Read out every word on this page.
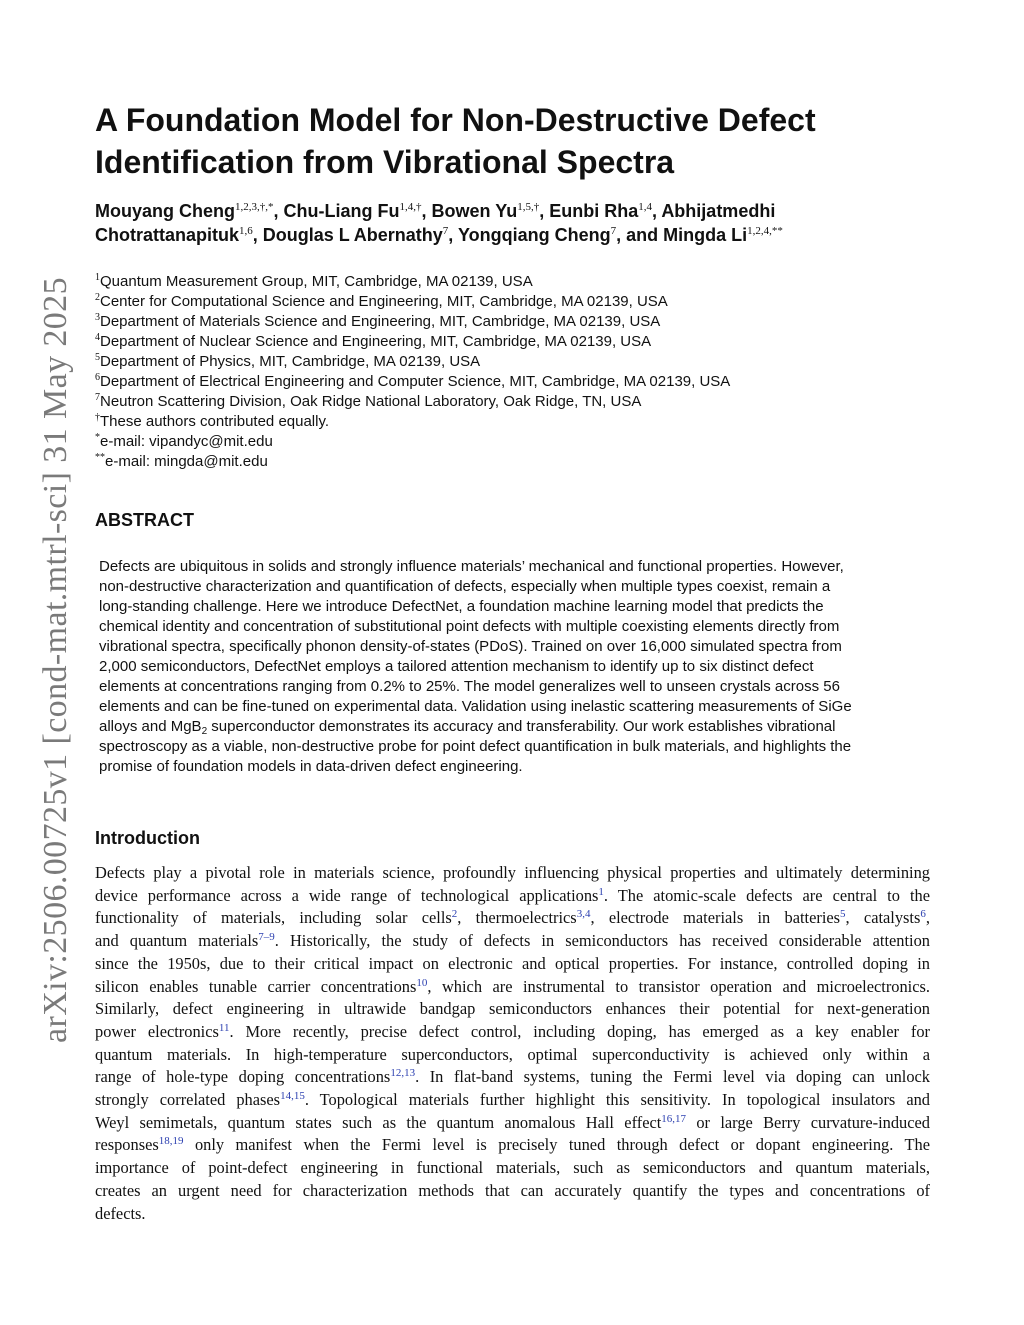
arXiv:2506.00725v1 [cond-mat.mtrl-sci] 31 May 2025
A Foundation Model for Non-Destructive Defect
Identification from Vibrational Spectra
Mouyang Cheng$^{1,2,3,\dagger,*}$, Chu-Liang $Fu^{1,4,\dagger}$, Bowen $Yu^{1,5,\dagger}$, Eunbi Rha$^{1,4}$, Abhijatmedhi
Chotrattanapituk$^{1,6}$, Douglas L Abernathy$^7$, Yongqiang Cheng$^7$, and Mingda $Li^{1,2,4,**}$
$^1$Quantum Measurement Group, MIT, Cambridge, MA 02139, USA
$^2$Center for Computational Science and Engineering, MIT, Cambridge, MA 02139, USA
$^3$Department of Materials Science and Engineering, MIT, Cambridge, MA 02139, USA
$^4$Department of Nuclear Science and Engineering, MIT, Cambridge, MA 02139, USA
$^5$Department of Physics, MIT, Cambridge, MA 02139, USA
$^6$Department of Electrical Engineering and Computer Science, MIT, Cambridge, MA 02139, USA
$^7$Neutron Scattering Division, Oak Ridge National Laboratory, Oak Ridge, TN, USA
†These authors contributed equally.
*e-mail: vipandyc@mit.edu
**e-mail: mingda@mit.edu
ABSTRACT
Defects are ubiquitous in solids and strongly influence materials’ mechanical and functional properties. However,
non-destructive characterization and quantification of defects, especially when multiple types coexist, remain a
long-standing challenge. Here we introduce DefectNet, a foundation machine learning model that predicts the
chemical identity and concentration of substitutional point defects with multiple coexisting elements directly from
vibrational spectra, specifically phonon density-of-states (PDoS). Trained on over 16,000 simulated spectra from
2,000 semiconductors, DefectNet employs a tailored attention mechanism to identify up to six distinct defect
elements at concentrations ranging from 0.2% to 25%. The model generalizes well to unseen crystals across 56
elements and can be fine-tuned on experimental data. Validation using inelastic scattering measurements of SiGe
alloys and MgB$_2$ superconductor demonstrates its accuracy and transferability. Our work establishes vibrational
spectroscopy as a viable, non-destructive probe for point defect quantification in bulk materials, and highlights the
promise of foundation models in data-driven defect engineering.
Introduction
Defects play a pivotal role in materials science, profoundly influencing physical properties and ultimately determining
device performance across a wide range of technological applications$^1$. The atomic-scale defects are central to the
functionality of materials, including solar cells$^2$, thermoelectrics$^{3,4}$, electrode materials in batteries$^5$, catalysts$^6$,
and quantum materials$^{7-9}$. Historically, the study of defects in semiconductors has received considerable attention
since the 1950s, due to their critical impact on electronic and optical properties. For instance, controlled doping in
silicon enables tunable carrier concentrations$^{10}$, which are instrumental to transistor operation and microelectronics.
Similarly, defect engineering in ultrawide bandgap semiconductors enhances their potential for next-generation
power electronics$^{11}$. More recently, precise defect control, including doping, has emerged as a key enabler for
quantum materials. In high-temperature superconductors, optimal superconductivity is achieved only within a
range of hole-type doping concentrations$^{12,13}$. In flat-band systems, tuning the Fermi level via doping can unlock
strongly correlated phases$^{14,15}$. Topological materials further highlight this sensitivity. In topological insulators and
Weyl semimetals, quantum states such as the quantum anomalous Hall effect$^{16,17}$ or large Berry curvature-induced
responses$^{18,19}$ only manifest when the Fermi level is precisely tuned through defect or dopant engineering. The
importance of point-defect engineering in functional materials, such as semiconductors and quantum materials,
creates an urgent need for characterization methods that can accurately quantify the types and concentrations of
defects.
